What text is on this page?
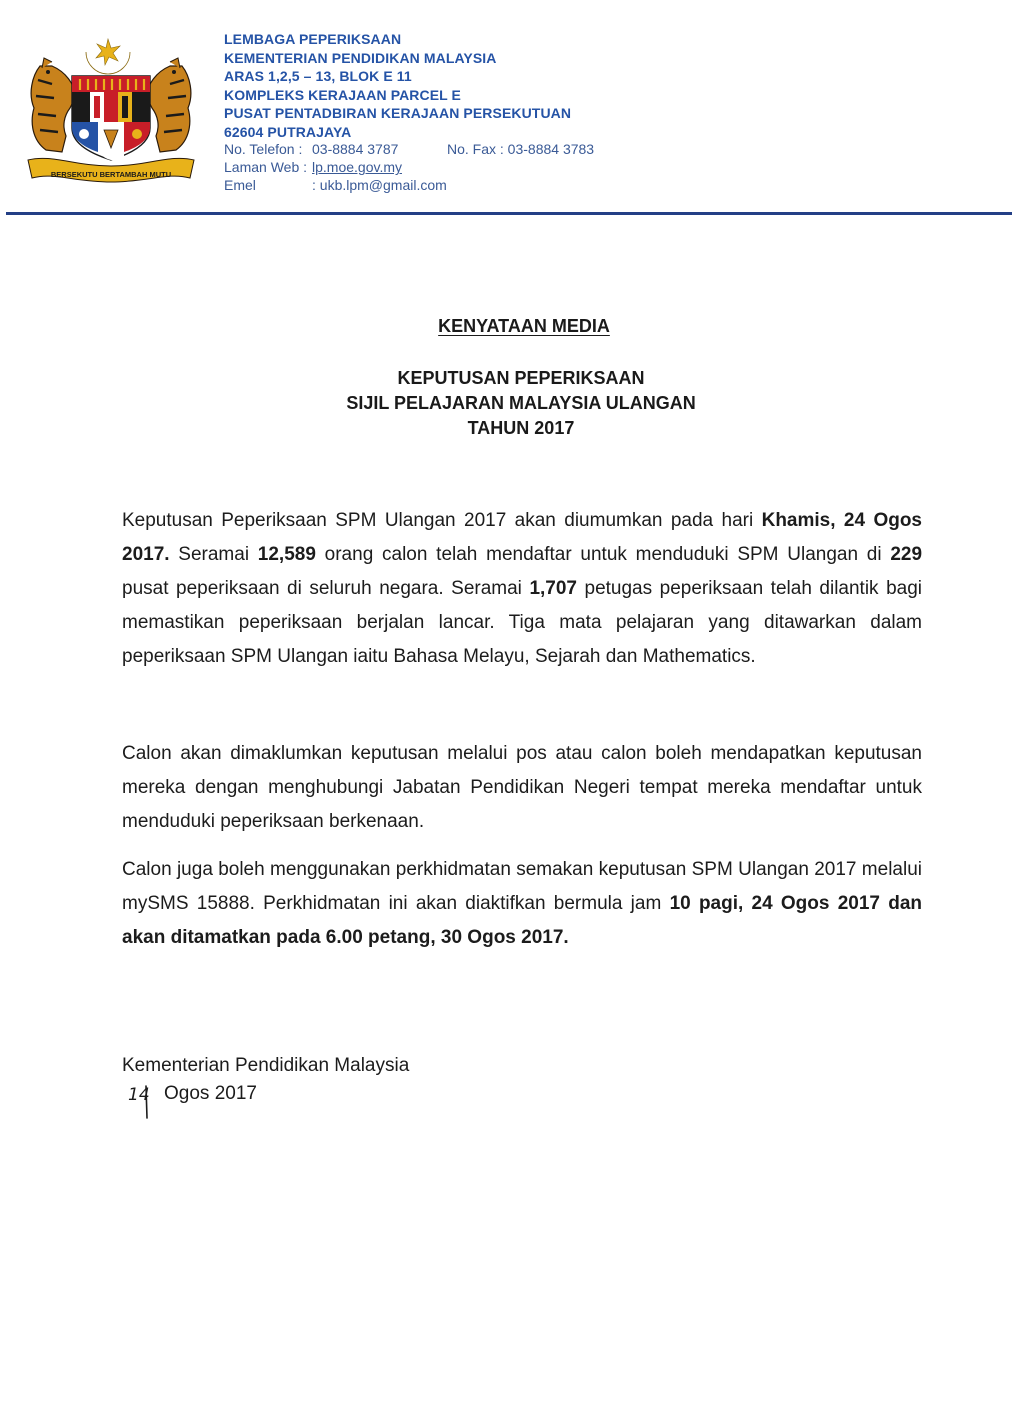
BERSEKUTU BERTAMBAH MUTU
LEMBAGA PEPERIKSAAN
KEMENTERIAN PENDIDIKAN MALAYSIA
ARAS 1,2,5 – 13, BLOK E 11
KOMPLEKS KERAJAAN PARCEL E
PUSAT PENTADBIRAN KERAJAAN PERSEKUTUAN
62604 PUTRAJAYA
No. Telefon : 03-8884 3787	No. Fax : 03-8884 3783
Laman Web : lp.moe.gov.my
Emel	: ukb.lpm@gmail.com
KENYATAAN MEDIA
KEPUTUSAN PEPERIKSAAN
SIJIL PELAJARAN MALAYSIA ULANGAN
TAHUN 2017

Keputusan Peperiksaan SPM Ulangan 2017 akan diumumkan pada hari Khamis, 24 Ogos 2017. Seramai 12,589 orang calon telah mendaftar untuk menduduki SPM Ulangan di 229 pusat peperiksaan di seluruh negara. Seramai 1,707 petugas peperiksaan telah dilantik bagi memastikan peperiksaan berjalan lancar. Tiga mata pelajaran yang ditawarkan dalam peperiksaan SPM Ulangan iaitu Bahasa Melayu, Sejarah dan Mathematics.

Calon akan dimaklumkan keputusan melalui pos atau calon boleh mendapatkan keputusan mereka dengan menghubungi Jabatan Pendidikan Negeri tempat mereka mendaftar untuk menduduki peperiksaan berkenaan.

Calon juga boleh menggunakan perkhidmatan semakan keputusan SPM Ulangan 2017 melalui mySMS 15888. Perkhidmatan ini akan diaktifkan bermula jam 10 pagi, 24 Ogos 2017 dan akan ditamatkan pada 6.00 petang, 30 Ogos 2017.

Kementerian Pendidikan Malaysia
14 Ogos 2017
